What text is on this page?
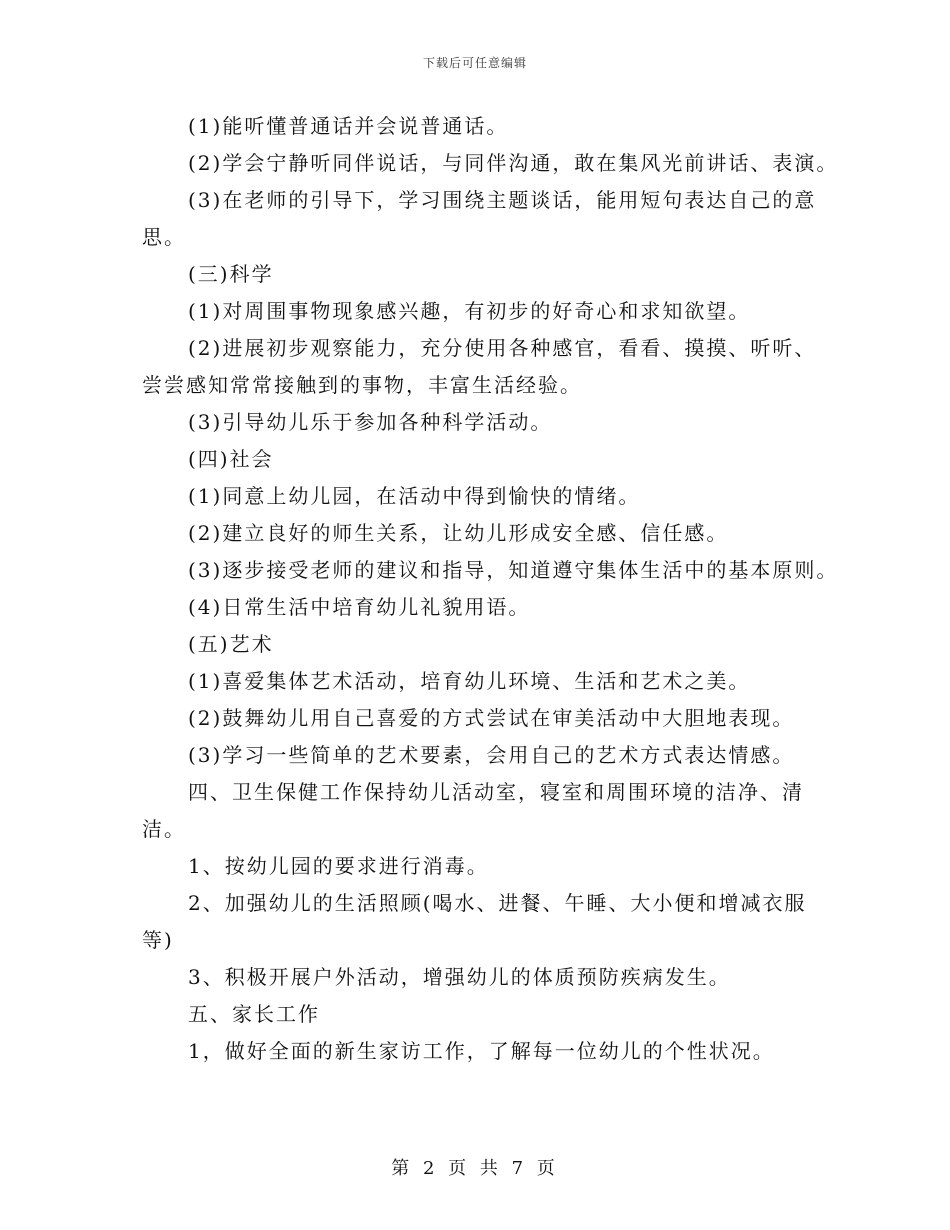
下载后可任意编辑
(1)能听懂普通话并会说普通话。
(2)学会宁静听同伴说话，与同伴沟通，敢在集风光前讲话、表演。
(3)在老师的引导下，学习围绕主题谈话，能用短句表达自己的意
思。
(三)科学
(1)对周围事物现象感兴趣，有初步的好奇心和求知欲望。
(2)进展初步观察能力，充分使用各种感官，看看、摸摸、听听、
尝尝感知常常接触到的事物，丰富生活经验。
(3)引导幼儿乐于参加各种科学活动。
(四)社会
(1)同意上幼儿园，在活动中得到愉快的情绪。
(2)建立良好的师生关系，让幼儿形成安全感、信任感。
(3)逐步接受老师的建议和指导，知道遵守集体生活中的基本原则。
(4)日常生活中培育幼儿礼貌用语。
(五)艺术
(1)喜爱集体艺术活动，培育幼儿环境、生活和艺术之美。
(2)鼓舞幼儿用自己喜爱的方式尝试在审美活动中大胆地表现。
(3)学习一些简单的艺术要素，会用自己的艺术方式表达情感。
四、卫生保健工作保持幼儿活动室，寝室和周围环境的洁净、清
洁。
1、按幼儿园的要求进行消毒。
2、加强幼儿的生活照顾(喝水、进餐、午睡、大小便和增减衣服
等)
3、积极开展户外活动，增强幼儿的体质预防疾病发生。
五、家长工作
1，做好全面的新生家访工作，了解每一位幼儿的个性状况。
第 2 页 共 7 页
